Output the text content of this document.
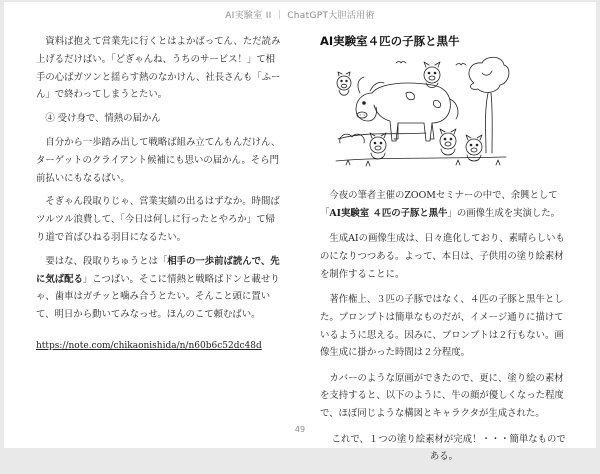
AI実験室 II ｜ ChatGPT大胆活用術

資料ば抱えて営業先に行くとはよかばってん、ただ読み上げるだけばい。「どぎゃんね、うちのサービス！」て相手の心ばガツンと揺らす熱のなかけん、社長さんも「ふーん」で終わってしまうとたい。

④ 受け身で、情熱の届かん

自分から一歩踏み出して戦略ば組み立てんもんだけん、ターゲットのクライアント候補にも思いの届かん。そら門前払いにもなるばい。

そぎゃん段取りじゃ、営業実績の出るはずなか。時間ばツルツル浪費して、「今日は何しに行ったとやろか」て帰り道で首ばひねる羽目になるたい。

要はな、段取りちゅうとは「相手の一歩前ば読んで、先に気ば配る」こつばい。そこに情熱と戦略ばドンと載せりゃ、歯車はガチッと噛み合うとたい。そんこと頭に置いて、明日から動いてみなっせ。ほんのこて頼むばい。

https://note.com/chikaonishida/n/n60b6c52dc48d

AI実験室４匹の子豚と黒牛

今夜の筆者主催のZOOMセミナーの中で、余興として「AI実験室 ４匹の子豚と黒牛」の画像生成を実演した。

生成AIの画像生成は、日々進化しており、素晴らしいものになりつつある。よって、本日は、子供用の塗り絵素材を制作することに。

著作権上、３匹の子豚ではなく、４匹の子豚と黒牛とした。プロンプトは簡単なものだが、イメージ通りに描けているように思える。因みに、プロンプトは２行もない。画像生成に掛かった時間は２分程度。

カバーのような原画ができたので、更に、塗り絵の素材を支持すると、以下のように、牛の顔が優しくなった程度で、ほぼ同じような構図とキャラクタが生成された。

これで、１つの塗り絵素材が完成！・・・簡単なものである。

49
